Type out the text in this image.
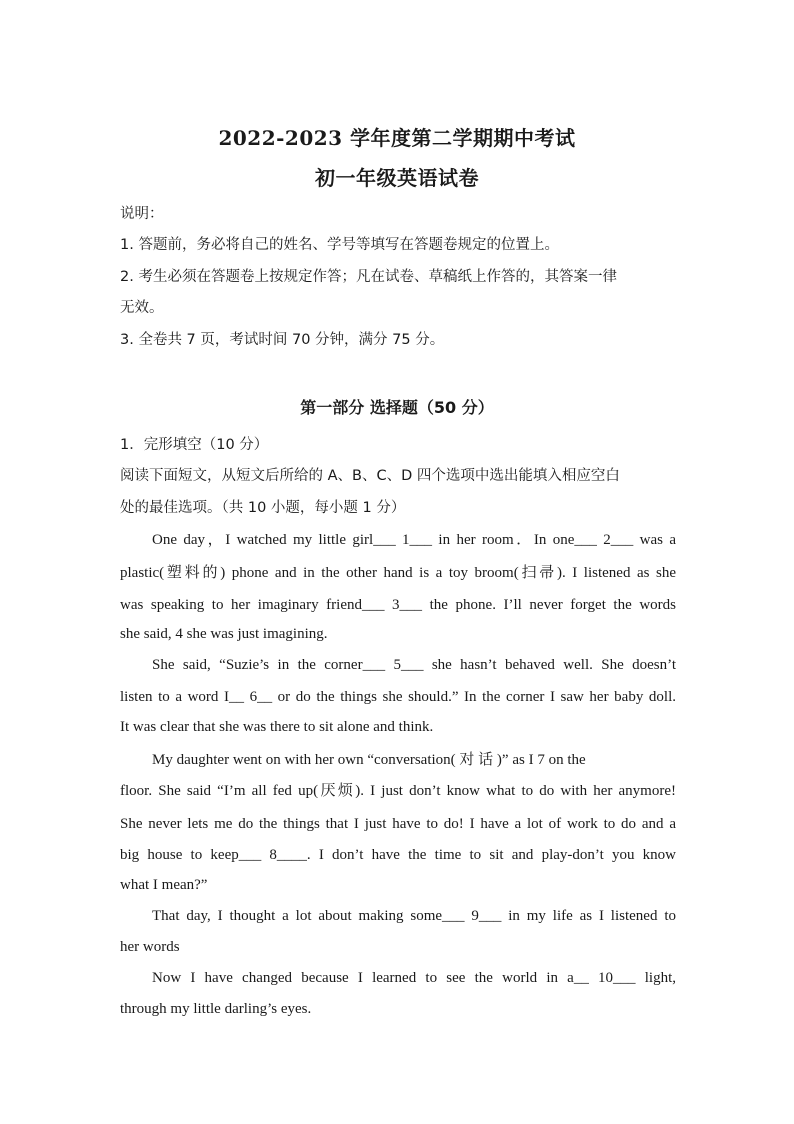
2022-2023 学年度第二学期期中考试
初一年级英语试卷

说明：

1. 答题前，务必将自己的姓名、学号等填写在答题卷规定的位置上。

2. 考生必须在答题卷上按规定作答；凡在试卷、草稿纸上作答的，其答案一律

无效。

3. 全卷共 7 页，考试时间 70 分钟，满分 75 分。

第一部分 选择题（50 分）

1．完形填空（10 分）

阅读下面短文，从短文后所给的 A、B、C、D 四个选项中选出能填入相应空白

处的最佳选项。（共 10 小题，每小题 1 分）

One day，I watched my little girl___ 1___ in her room．In one___ 2___ was a

plastic(塑料的) phone and in the other hand is a toy broom(扫帚). I listened as she

was speaking to her imaginary friend___ 3___ the phone. I’ll never forget the words

she said, 4 she was just imagining.

She said, “Suzie’s in the corner___ 5___ she hasn’t behaved well. She doesn’t

listen to a word I__ 6__ or do the things she should.” In the corner I saw her baby doll.

It was clear that she was there to sit alone and think.

My daughter went on with her own “conversation( 对 话 )” as I 7 on the

floor. She said “I’m all fed up(厌烦). I just don’t know what to do with her anymore!

She never lets me do the things that I just have to do! I have a lot of work to do and a

big house to keep___ 8____. I don’t have the time to sit and play-don’t you know

what I mean?”

That day, I thought a lot about making some___ 9___ in my life as I listened to

her words

Now I have changed because I learned to see the world in a__ 10___ light,

through my little darling’s eyes.
